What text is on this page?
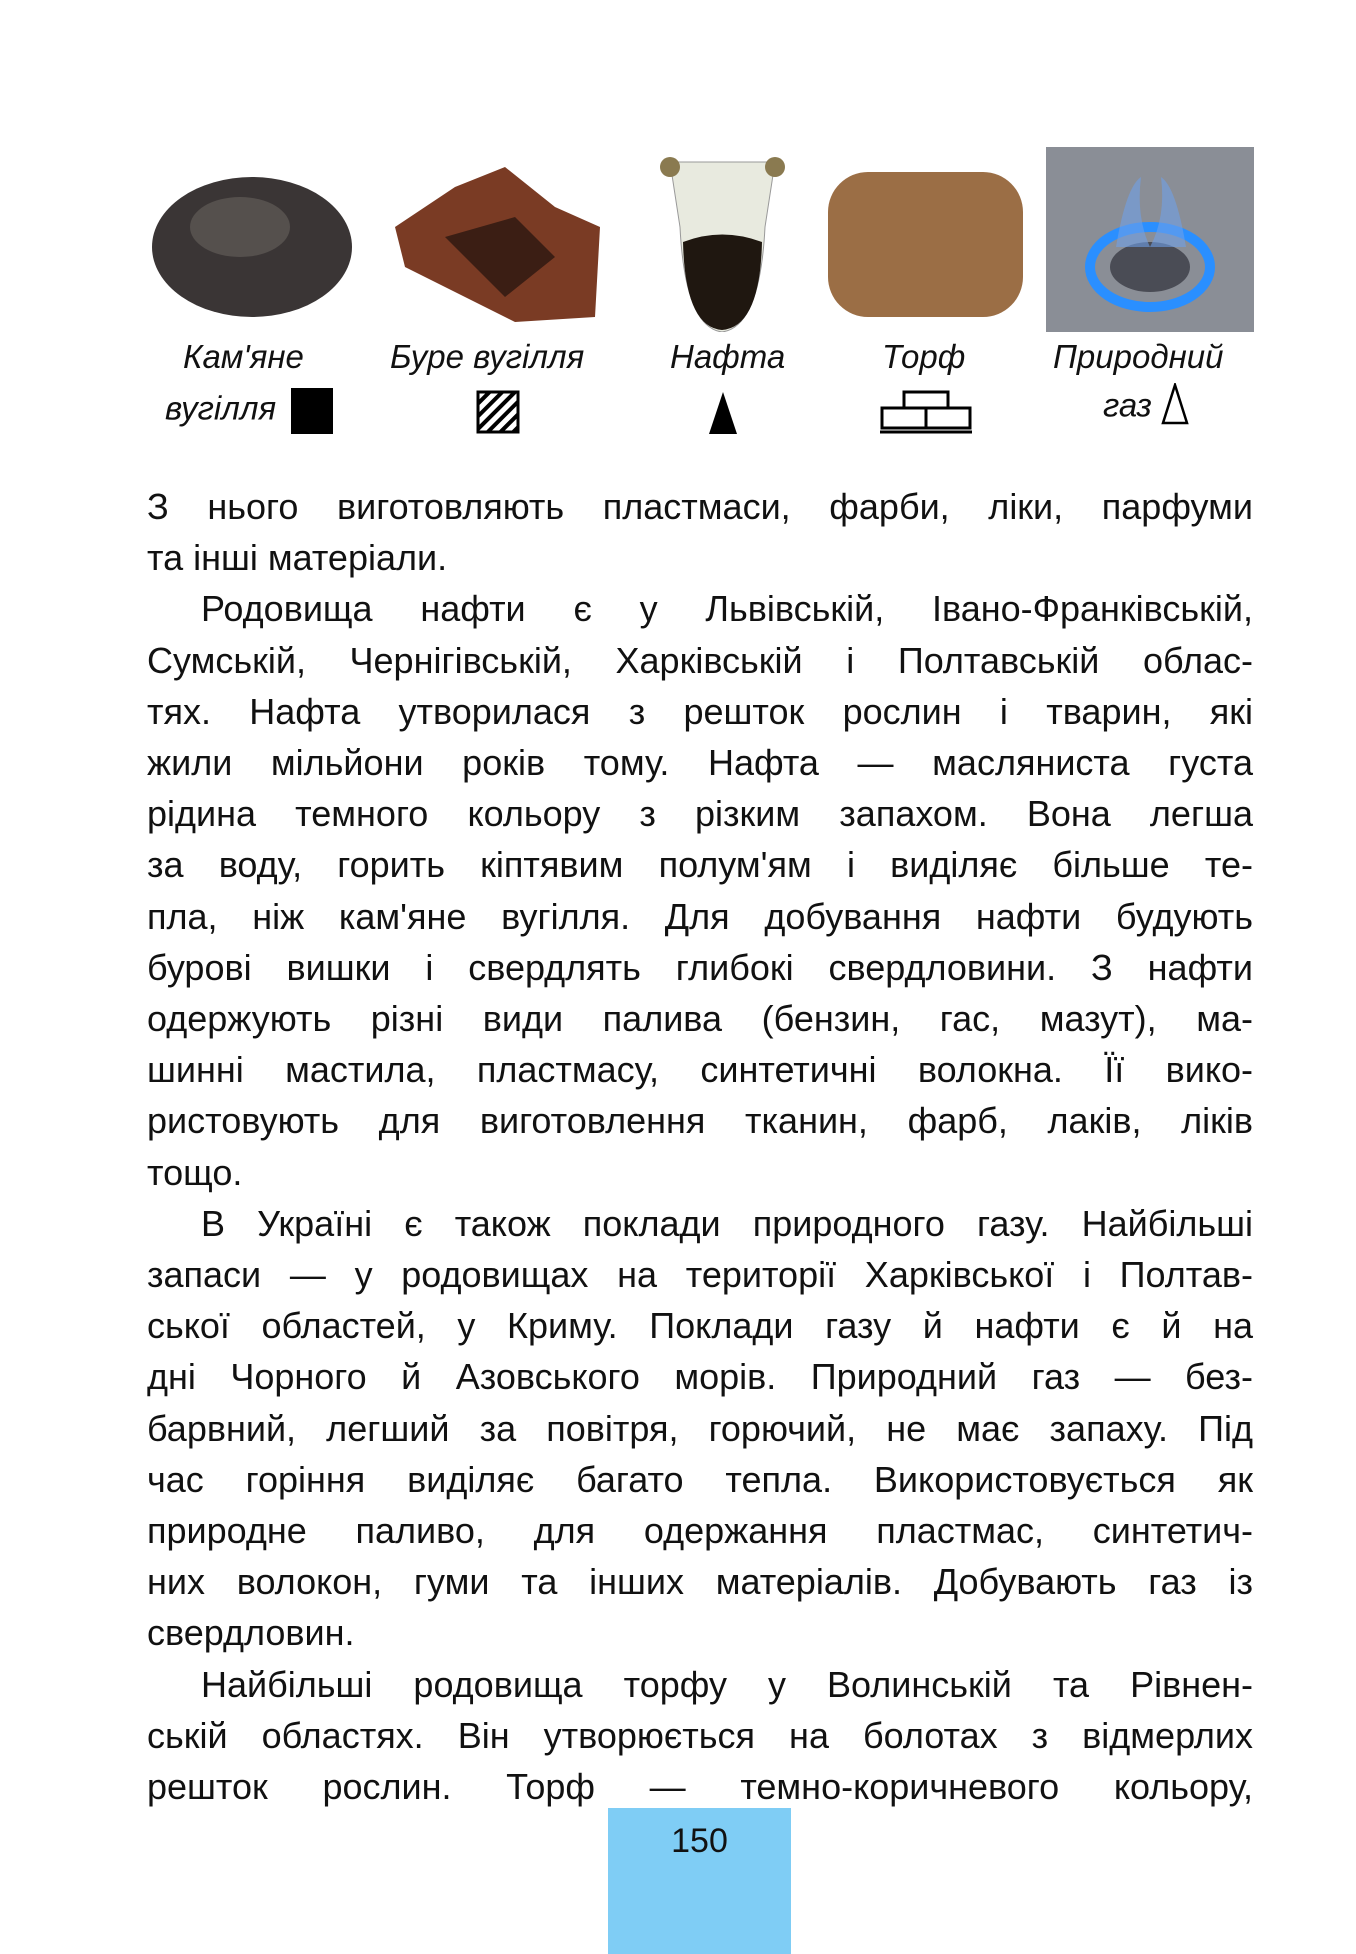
Кам'яне
вугілля
Буре вугілля	Нафта	Торф	Природний
газ
З нього виготовляють пластмаси, фарби, ліки, парфуми
та інші матеріали.
Родовища нафти є у Львівській, Івано-Франківській,
Сумській, Чернігівській, Харківській і Полтавській облас-
тях. Нафта утворилася з решток рослин і тварин, які
жили мільйони років тому. Нафта — масляниста густа
рідина темного кольору з різким запахом. Вона легша
за воду, горить кіптявим полум'ям і виділяє більше те-
пла, ніж кам'яне вугілля. Для добування нафти будують
бурові вишки і свердлять глибокі свердловини. З нафти
одержують різні види палива (бензин, гас, мазут), ма-
шинні мастила, пластмасу, синтетичні волокна. Її вико-
ристовують для виготовлення тканин, фарб, лаків, ліків
тощо.
В Україні є також поклади природного газу. Найбільші
запаси — у родовищах на території Харківської і Полтав-
ської областей, у Криму. Поклади газу й нафти є й на
дні Чорного й Азовського морів. Природний газ — без-
барвний, легший за повітря, горючий, не має запаху. Під
час горіння виділяє багато тепла. Використовується як
природне паливо, для одержання пластмас, синтетич-
них волокон, гуми та інших матеріалів. Добувають газ із
свердловин.
Найбільші родовища торфу у Волинській та Рівнен-
ській областях. Він утворюється на болотах з відмерлих
решток рослин. Торф — темно-коричневого кольору,
150
